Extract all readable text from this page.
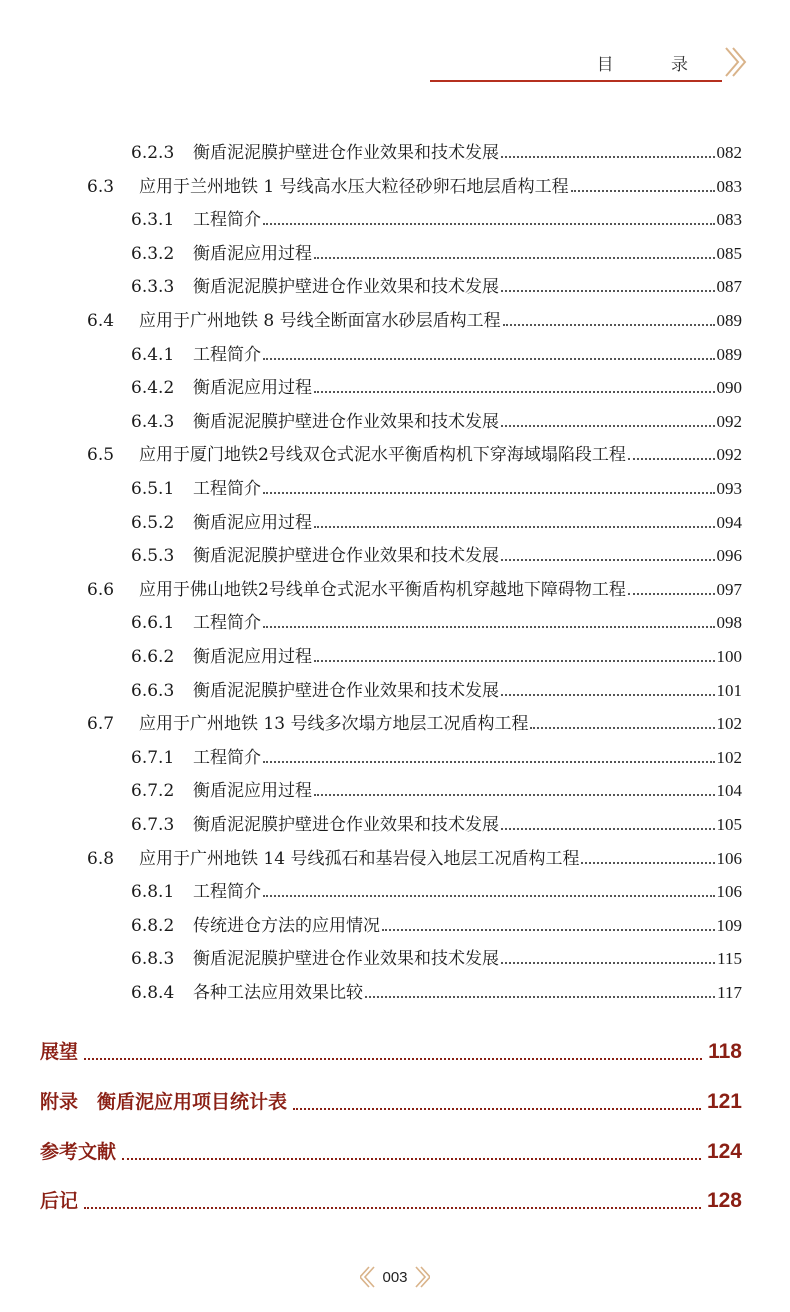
目 录
6.2.3	衡盾泥泥膜护壁进仓作业效果和技术发展	082
6.3	应用于兰州地铁 1 号线高水压大粒径砂卵石地层盾构工程	083
6.3.1	工程简介	083
6.3.2	衡盾泥应用过程	085
6.3.3	衡盾泥泥膜护壁进仓作业效果和技术发展	087
6.4	应用于广州地铁 8 号线全断面富水砂层盾构工程	089
6.4.1	工程简介	089
6.4.2	衡盾泥应用过程	090
6.4.3	衡盾泥泥膜护壁进仓作业效果和技术发展	092
6.5	应用于厦门地铁2号线双仓式泥水平衡盾构机下穿海域塌陷段工程	092
6.5.1	工程简介	093
6.5.2	衡盾泥应用过程	094
6.5.3	衡盾泥泥膜护壁进仓作业效果和技术发展	096
6.6	应用于佛山地铁2号线单仓式泥水平衡盾构机穿越地下障碍物工程	097
6.6.1	工程简介	098
6.6.2	衡盾泥应用过程	100
6.6.3	衡盾泥泥膜护壁进仓作业效果和技术发展	101
6.7	应用于广州地铁 13 号线多次塌方地层工况盾构工程	102
6.7.1	工程简介	102
6.7.2	衡盾泥应用过程	104
6.7.3	衡盾泥泥膜护壁进仓作业效果和技术发展	105
6.8	应用于广州地铁 14 号线孤石和基岩侵入地层工况盾构工程	106
6.8.1	工程简介	106
6.8.2	传统进仓方法的应用情况	109
6.8.3	衡盾泥泥膜护壁进仓作业效果和技术发展	115
6.8.4	各种工法应用效果比较	117
展望	118
附录　衡盾泥应用项目统计表	121
参考文献	124
后记	128
003
